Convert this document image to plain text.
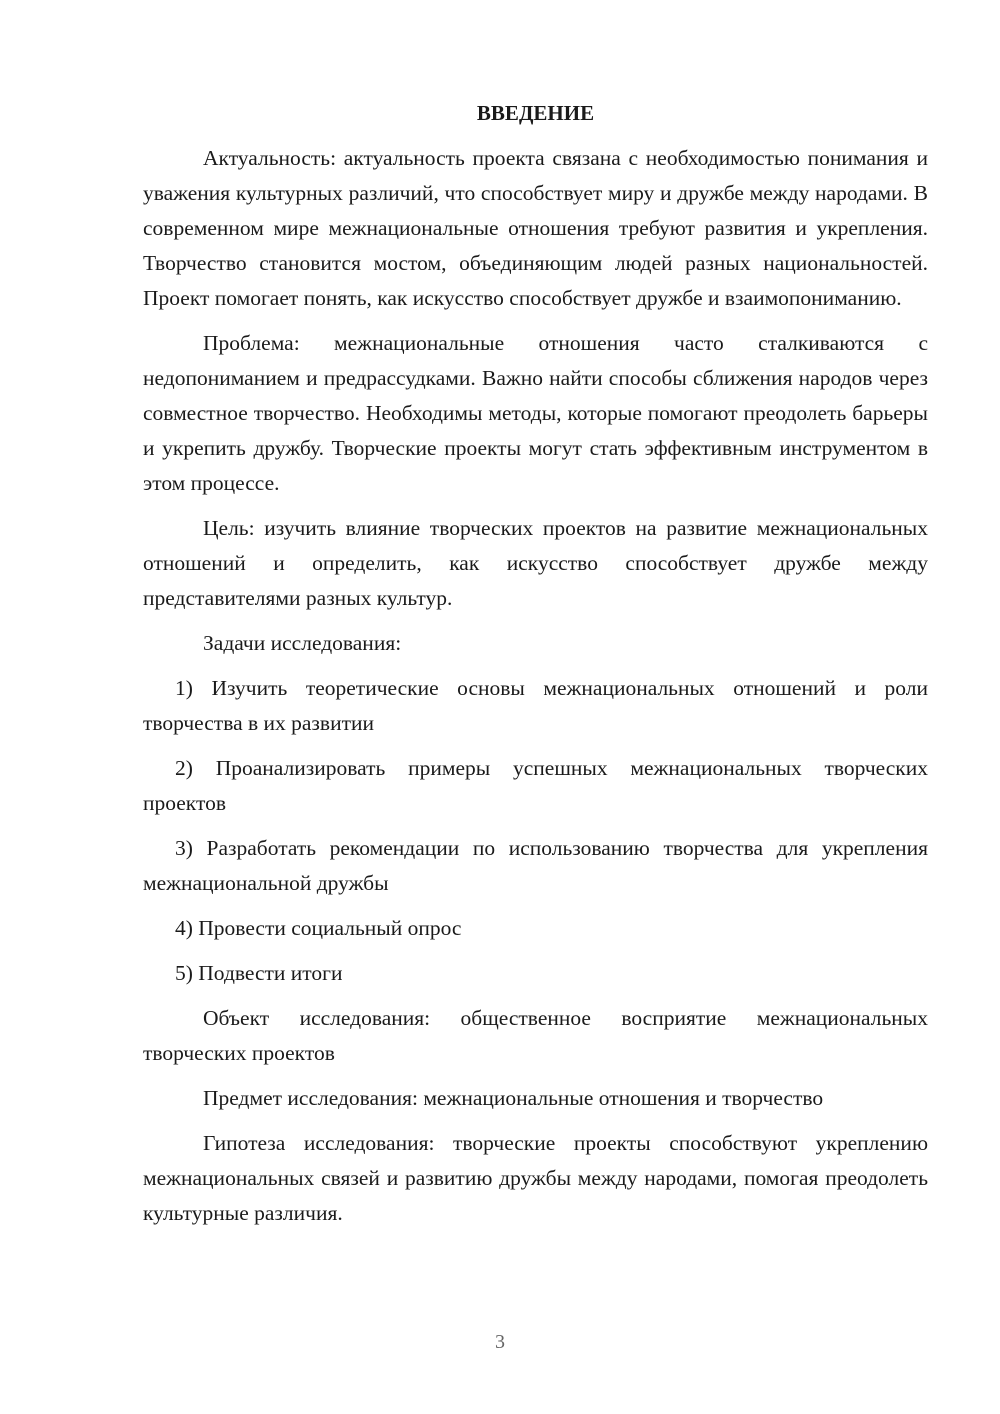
ВВЕДЕНИЕ

Актуальность: актуальность проекта связана с необходимостью понимания и уважения культурных различий, что способствует миру и дружбе между народами. В современном мире межнациональные отношения требуют развития и укрепления. Творчество становится мостом, объединяющим людей разных национальностей. Проект помогает понять, как искусство способствует дружбе и взаимопониманию.

Проблема: межнациональные отношения часто сталкиваются с недопониманием и предрассудками. Важно найти способы сближения народов через совместное творчество. Необходимы методы, которые помогают преодолеть барьеры и укрепить дружбу. Творческие проекты могут стать эффективным инструментом в этом процессе.

Цель: изучить влияние творческих проектов на развитие межнациональных отношений и определить, как искусство способствует дружбе между представителями разных культур.

Задачи исследования:

1) Изучить теоретические основы межнациональных отношений и роли творчества в их развитии

2) Проанализировать примеры успешных межнациональных творческих проектов

3) Разработать рекомендации по использованию творчества для укрепления межнациональной дружбы

4) Провести социальный опрос

5) Подвести итоги

Объект исследования: общественное восприятие межнациональных творческих проектов

Предмет исследования: межнациональные отношения и творчество

Гипотеза исследования: творческие проекты способствуют укреплению межнациональных связей и развитию дружбы между народами, помогая преодолеть культурные различия.

3
